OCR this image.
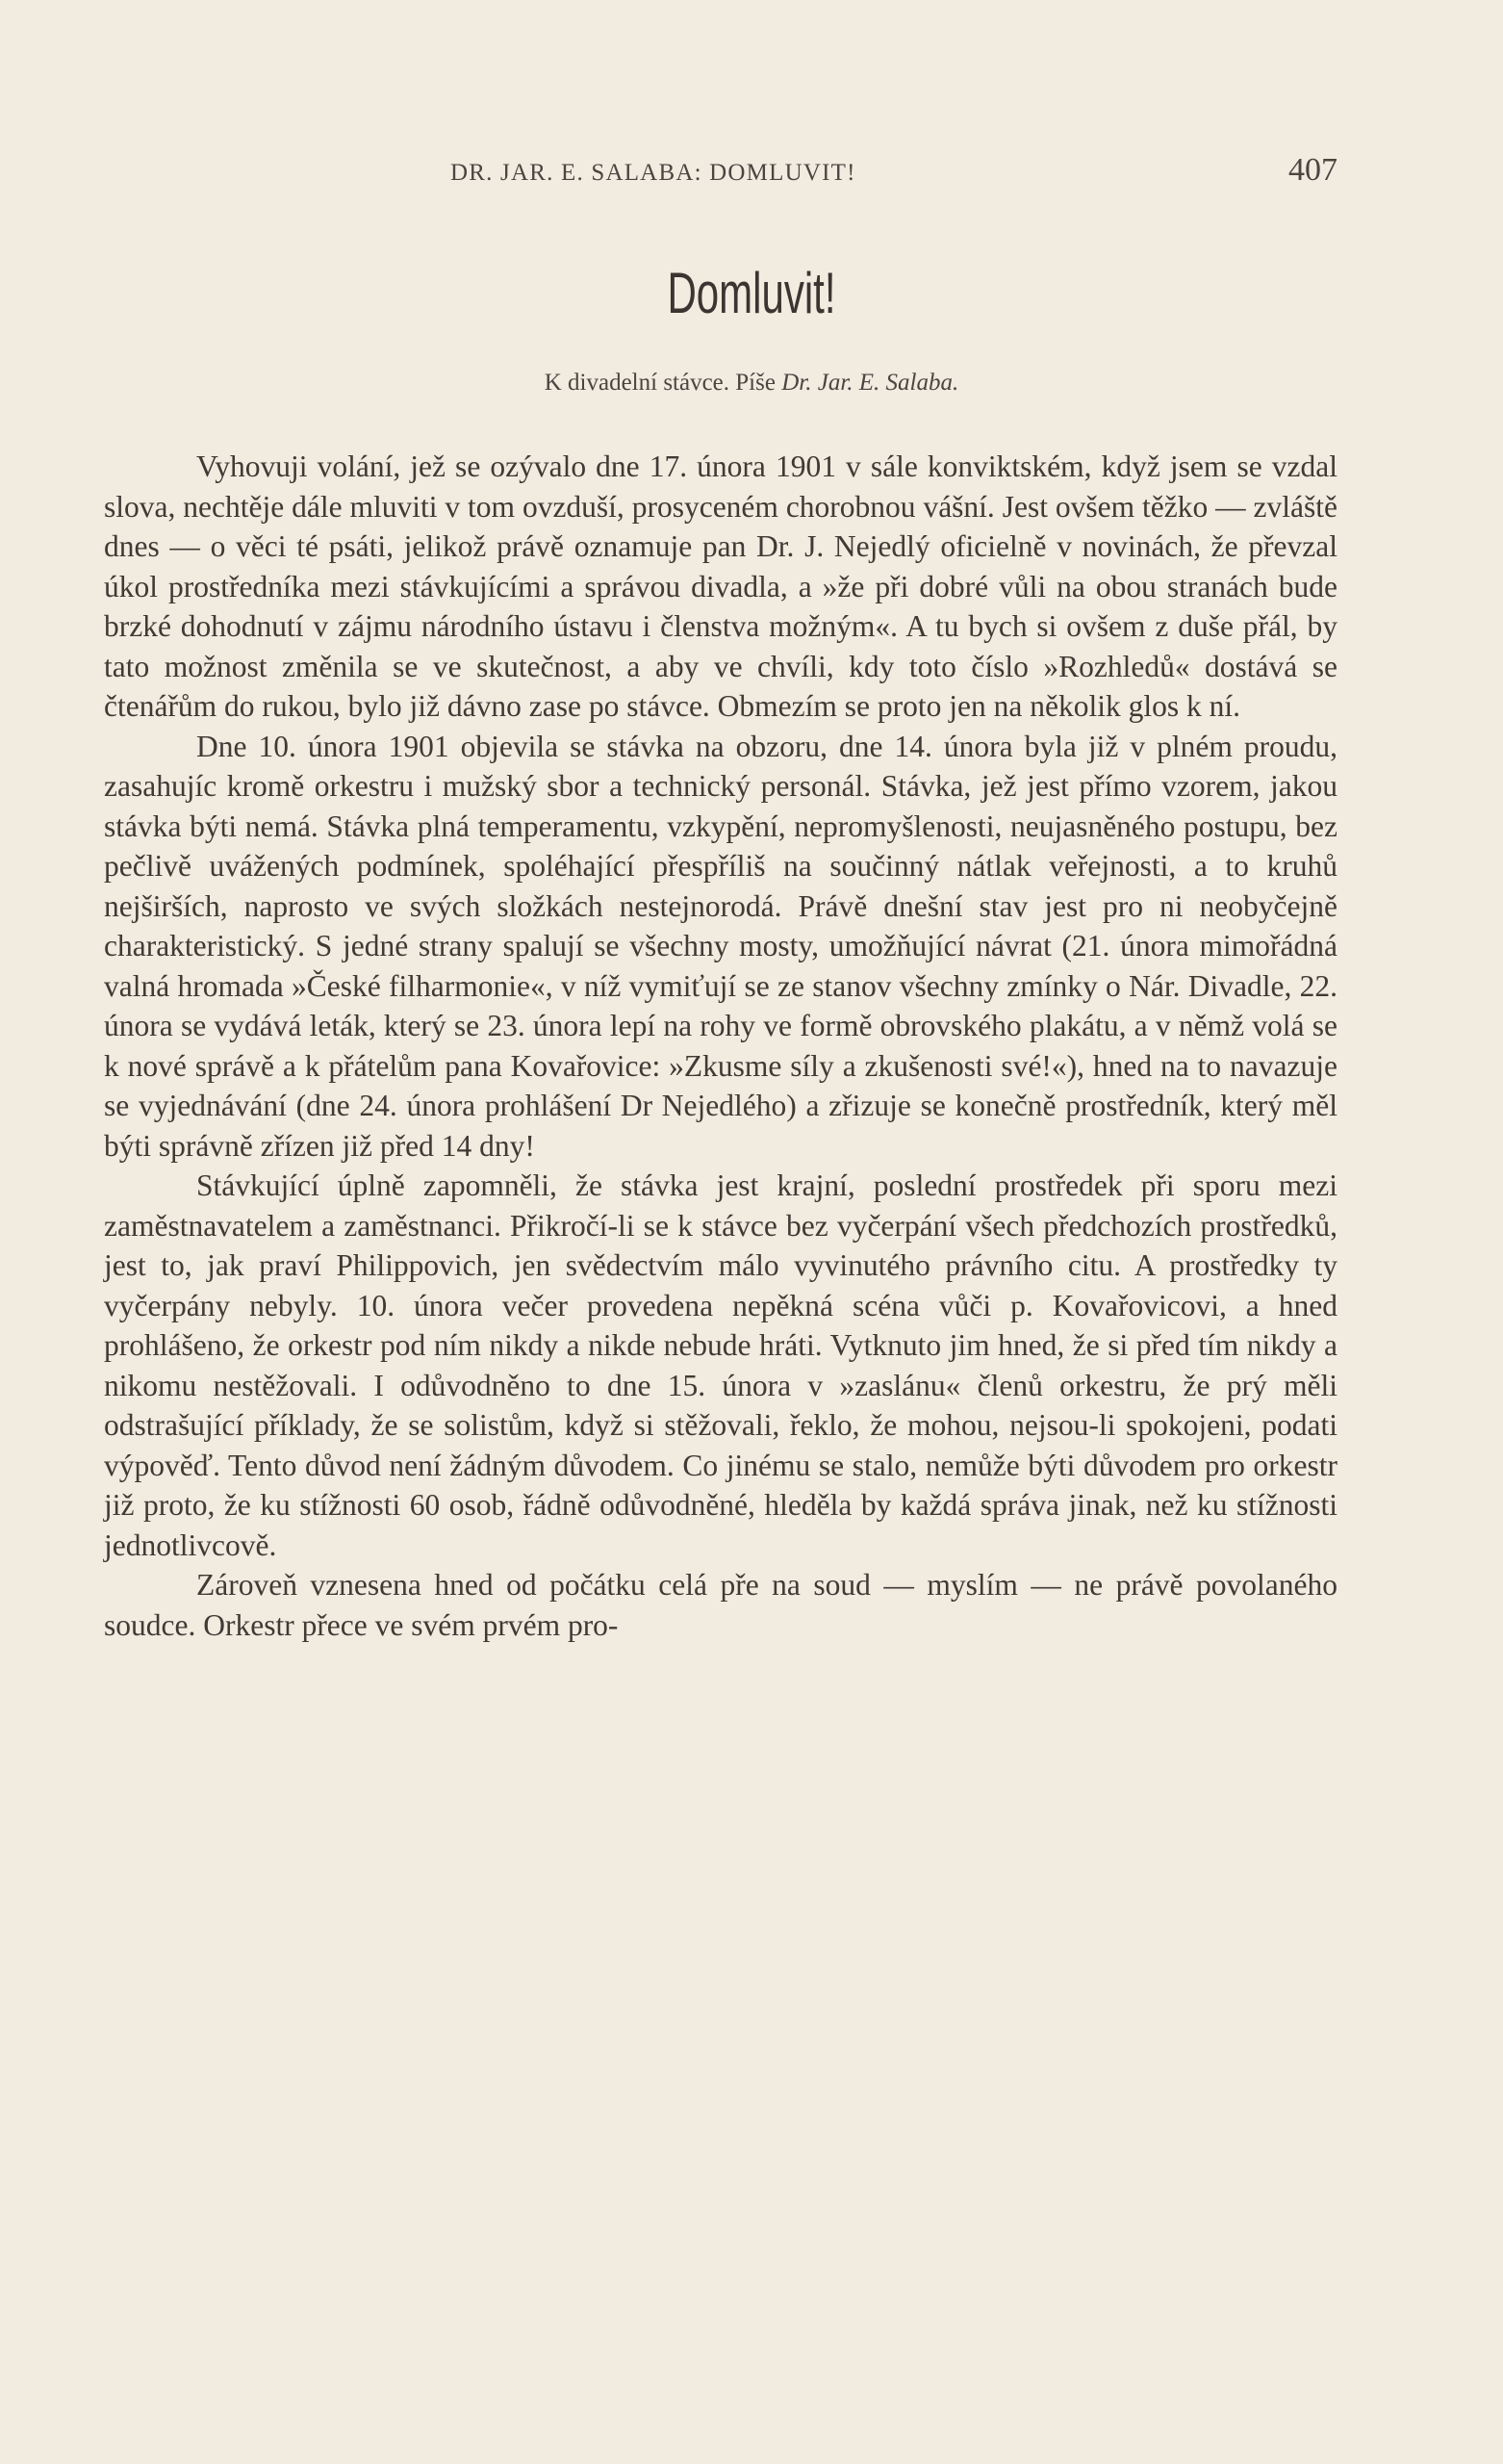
DR. JAR. E. SALABA: DOMLUVIT!	407
Domluvit!
K divadelní stávce. Píše Dr. Jar. E. Salaba.

Vyhovuji volání, jež se ozývalo dne 17. února 1901 v sále konviktském, když jsem se vzdal slova, nechtěje dále mluviti v tom ovzduší, prosyceném chorobnou vášní. Jest ovšem těžko — zvláště dnes — o věci té psáti, jelikož právě oznamuje pan Dr. J. Nejedlý oficielně v novinách, že převzal úkol prostředníka mezi stávkujícími a správou divadla, a »že při dobré vůli na obou stranách bude brzké dohodnutí v zájmu národního ústavu i členstva možným«. A tu bych si ovšem z duše přál, by tato možnost změnila se ve skutečnost, a aby ve chvíli, kdy toto číslo »Rozhledů« dostává se čtenářům do rukou, bylo již dávno zase po stávce. Obmezím se proto jen na několik glos k ní.

Dne 10. února 1901 objevila se stávka na obzoru, dne 14. února byla již v plném proudu, zasahujíc kromě orkestru i mužský sbor a technický personál. Stávka, jež jest přímo vzorem, jakou stávka býti nemá. Stávka plná temperamentu, vzkypění, nepromyšlenosti, neujasněného postupu, bez pečlivě uvážených podmínek, spoléhající přespříliš na součinný nátlak veřejnosti, a to kruhů nejširších, naprosto ve svých složkách nestejnorodá. Právě dnešní stav jest pro ni neobyčejně charakteristický. S jedné strany spalují se všechny mosty, umožňující návrat (21. února mimořádná valná hromada »České filharmonie«, v níž vymiťují se ze stanov všechny zmínky o Nár. Divadle, 22. února se vydává leták, který se 23. února lepí na rohy ve formě obrovského plakátu, a v němž volá se k nové správě a k přátelům pana Kovařovice: »Zkusme síly a zkušenosti své!«), hned na to navazuje se vyjednávání (dne 24. února prohlášení Dr Nejedlého) a zřizuje se konečně prostředník, který měl býti správně zřízen již před 14 dny!

Stávkující úplně zapomněli, že stávka jest krajní, poslední prostředek při sporu mezi zaměstnavatelem a zaměstnanci. Přikročí-li se k stávce bez vyčerpání všech předchozích prostředků, jest to, jak praví Philippovich, jen svědectvím málo vyvinutého právního citu. A prostředky ty vyčerpány nebyly. 10. února večer provedena nepěkná scéna vůči p. Kovařovicovi, a hned prohlášeno, že orkestr pod ním nikdy a nikde nebude hráti. Vytknuto jim hned, že si před tím nikdy a nikomu nestěžovali. I odůvodněno to dne 15. února v »zaslánu« členů orkestru, že prý měli odstrašující příklady, že se solistům, když si stěžovali, řeklo, že mohou, nejsou-li spokojeni, podati výpověď. Tento důvod není žádným důvodem. Co jinému se stalo, nemůže býti důvodem pro orkestr již proto, že ku stížnosti 60 osob, řádně odůvodněné, hleděla by každá správa jinak, než ku stížnosti jednotlivcově.

Zároveň vznesena hned od počátku celá pře na soud — myslím — ne právě povolaného soudce. Orkestr přece ve svém prvém pro-
